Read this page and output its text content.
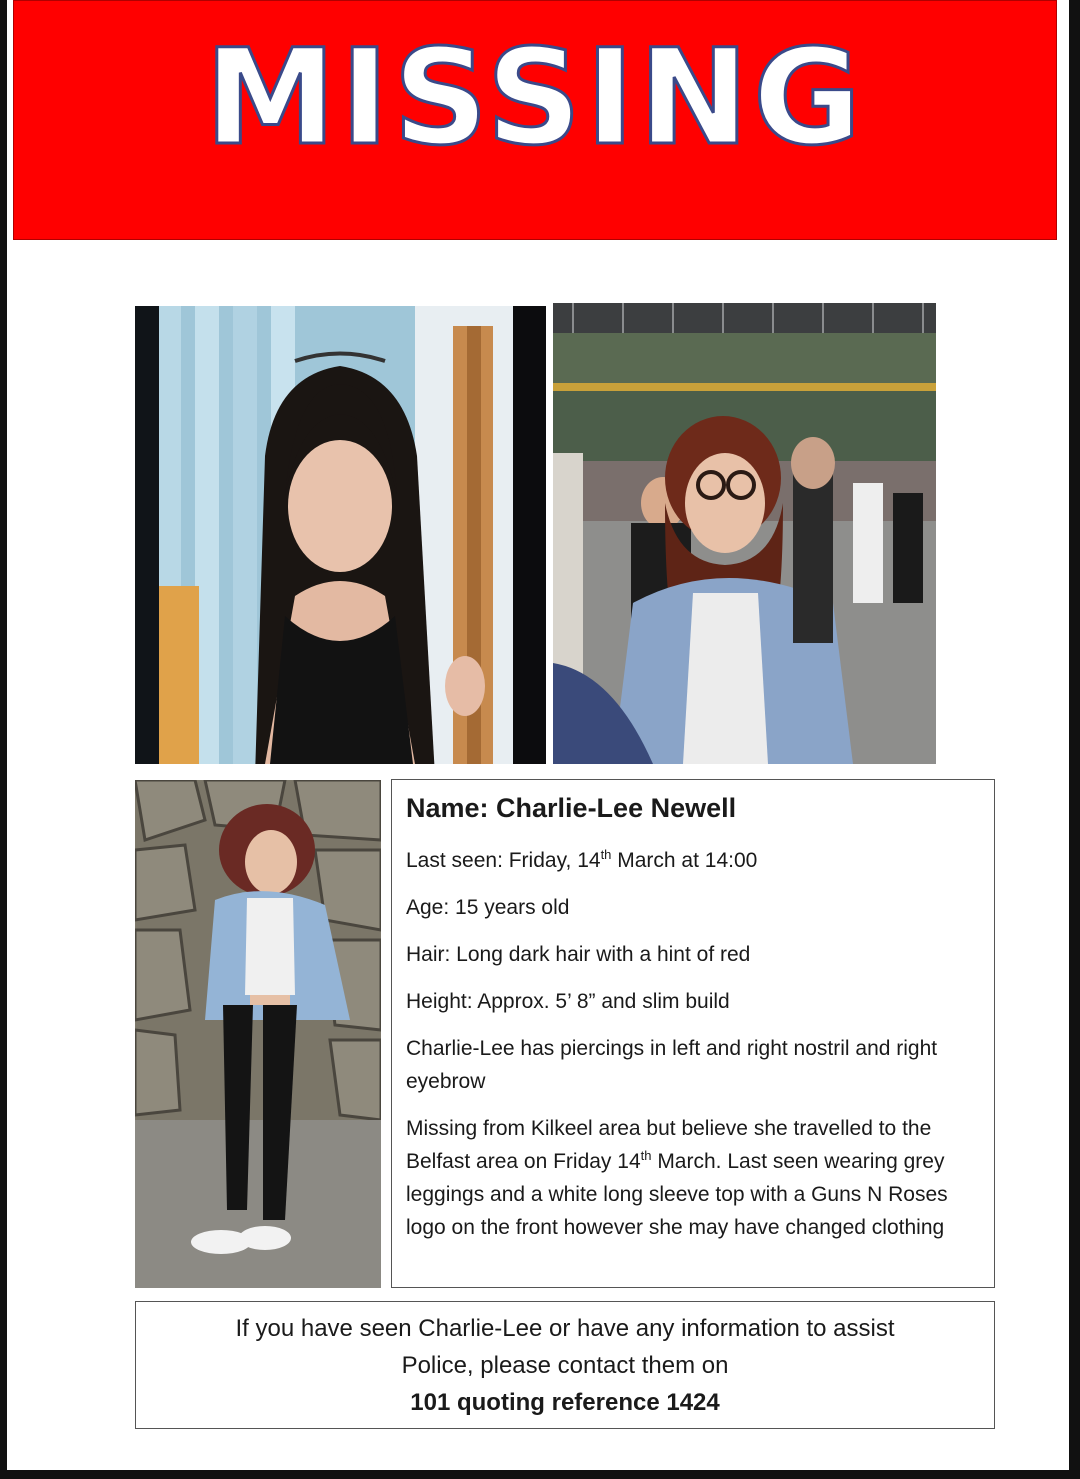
MISSING
Name: Charlie-Lee Newell

Last seen: Friday, 14th March at 14:00

Age: 15 years old

Hair: Long dark hair with a hint of red

Height: Approx. 5’ 8” and slim build

Charlie-Lee has piercings in left and right nostril and right eyebrow

Missing from Kilkeel area but believe she travelled to the Belfast area on Friday 14th March. Last seen wearing grey leggings and a white long sleeve top with a Guns N Roses logo on the front however she may have changed clothing

If you have seen Charlie-Lee or have any information to assist
Police, please contact them on
101 quoting reference 1424
